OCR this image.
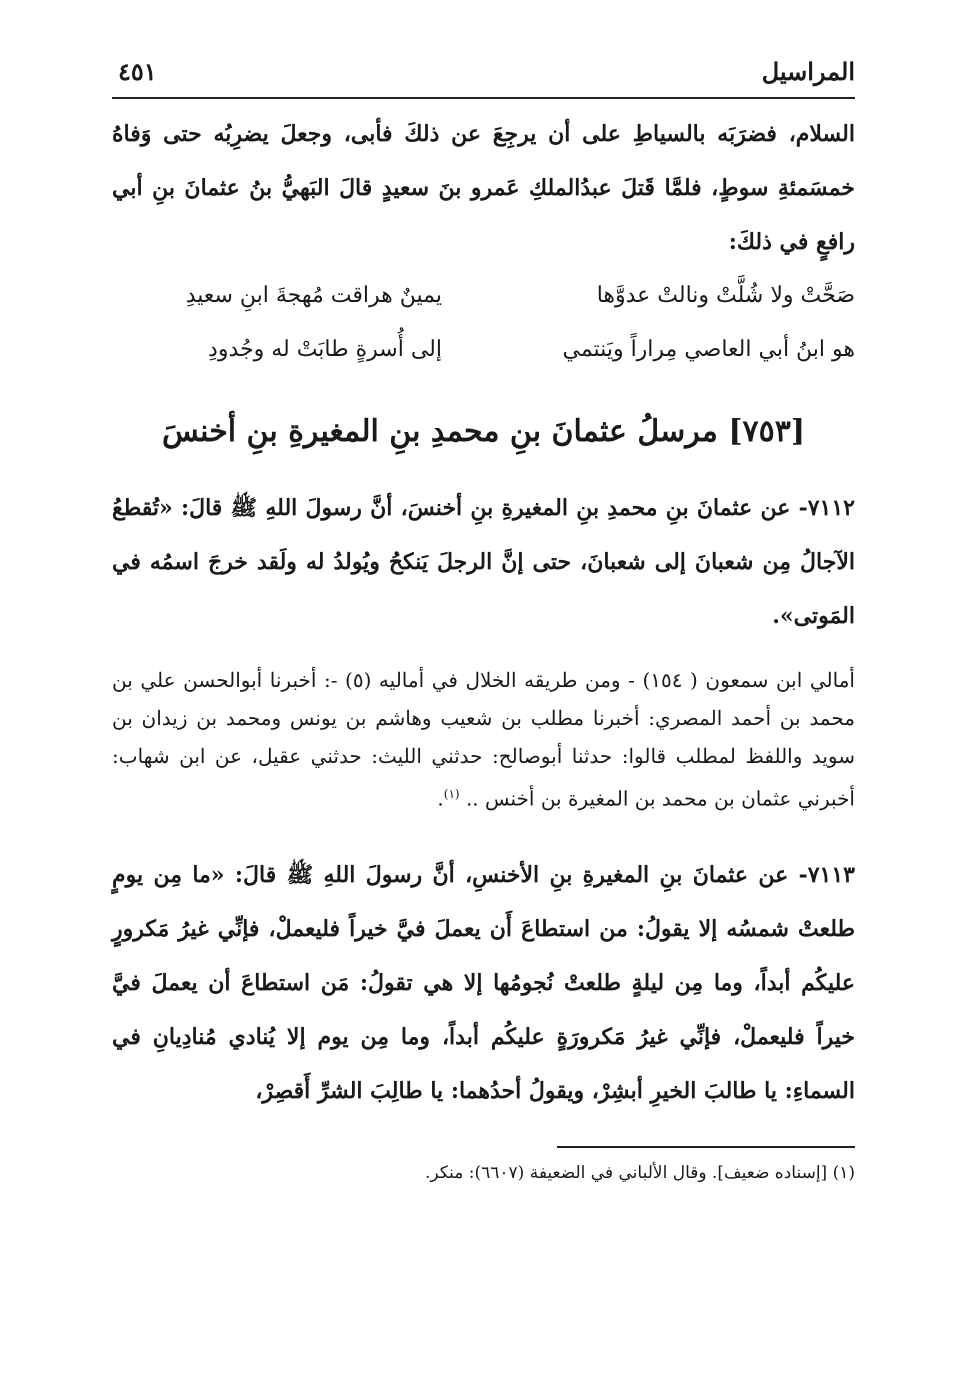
المراسيل
٤٥١

السلام، فضرَبَه بالسياطِ على أن يرجِعَ عن ذلكَ فأبى، وجعلَ يضرِبُه حتى وَفاهُ خمسَمئةِ سوطٍ، فلمَّا قَتلَ عبدُالملكِ عَمرو بنَ سعيدٍ قالَ البَهيُّ بنُ عثمانَ بنِ أبي رافعٍ في ذلكَ:

صَحَّتْ ولا شُلَّتْ ونالتْ عدوَّها
يمينٌ هراقت مُهجةَ ابنِ سعيدِ
هو ابنُ أبي العاصي مِراراً ويَنتمي
إلى أُسرةٍ طابَتْ له وجُدودِ
[٧٥٣] مرسلُ عثمانَ بنِ محمدِ بنِ المغيرةِ بنِ أخنسَ

٧١١٢- عن عثمانَ بنِ محمدِ بنِ المغيرةِ بنِ أخنسَ، أنَّ رسولَ اللهِ ﷺ قالَ: «تُقطعُ الآجالُ مِن شعبانَ إلى شعبانَ، حتى إنَّ الرجلَ يَنكحُ ويُولدُ له ولَقد خرجَ اسمُه في المَوتى».

أمالي ابن سمعون ( ١٥٤) - ومن طريقه الخلال في أماليه (٥) -: أخبرنا أبوالحسن علي بن محمد بن أحمد المصري: أخبرنا مطلب بن شعيب وهاشم بن يونس ومحمد بن زيدان بن سويد واللفظ لمطلب قالوا: حدثنا أبوصالح: حدثني الليث: حدثني عقيل، عن ابن شهاب: أخبرني عثمان بن محمد بن المغيرة بن أخنس .. $^{(١)}$.

٧١١٣- عن عثمانَ بنِ المغيرةِ بنِ الأخنسِ، أنَّ رسولَ اللهِ ﷺ قالَ: «ما مِن يومٍ طلعتْ شمسُه إلا يقولُ: من استطاعَ أَن يعملَ فيَّ خيراً فليعملْ، فإنِّي غيرُ مَكرورٍ عليكُم أبداً، وما مِن ليلةٍ طلعتْ نُجومُها إلا هي تقولُ: مَن استطاعَ أن يعملَ فيَّ خيراً فليعملْ، فإنِّي غيرُ مَكرورَةٍ عليكُم أبداً، وما مِن يوم إلا يُنادي مُنادِيانِ في السماءِ: يا طالبَ الخيرِ أبشِرْ، ويقولُ أحدُهما: يا طالِبَ الشرِّ أَقصِرْ،

(١) [إسناده ضعيف]. وقال الألباني في الضعيفة (٦٦٠٧): منكر.
